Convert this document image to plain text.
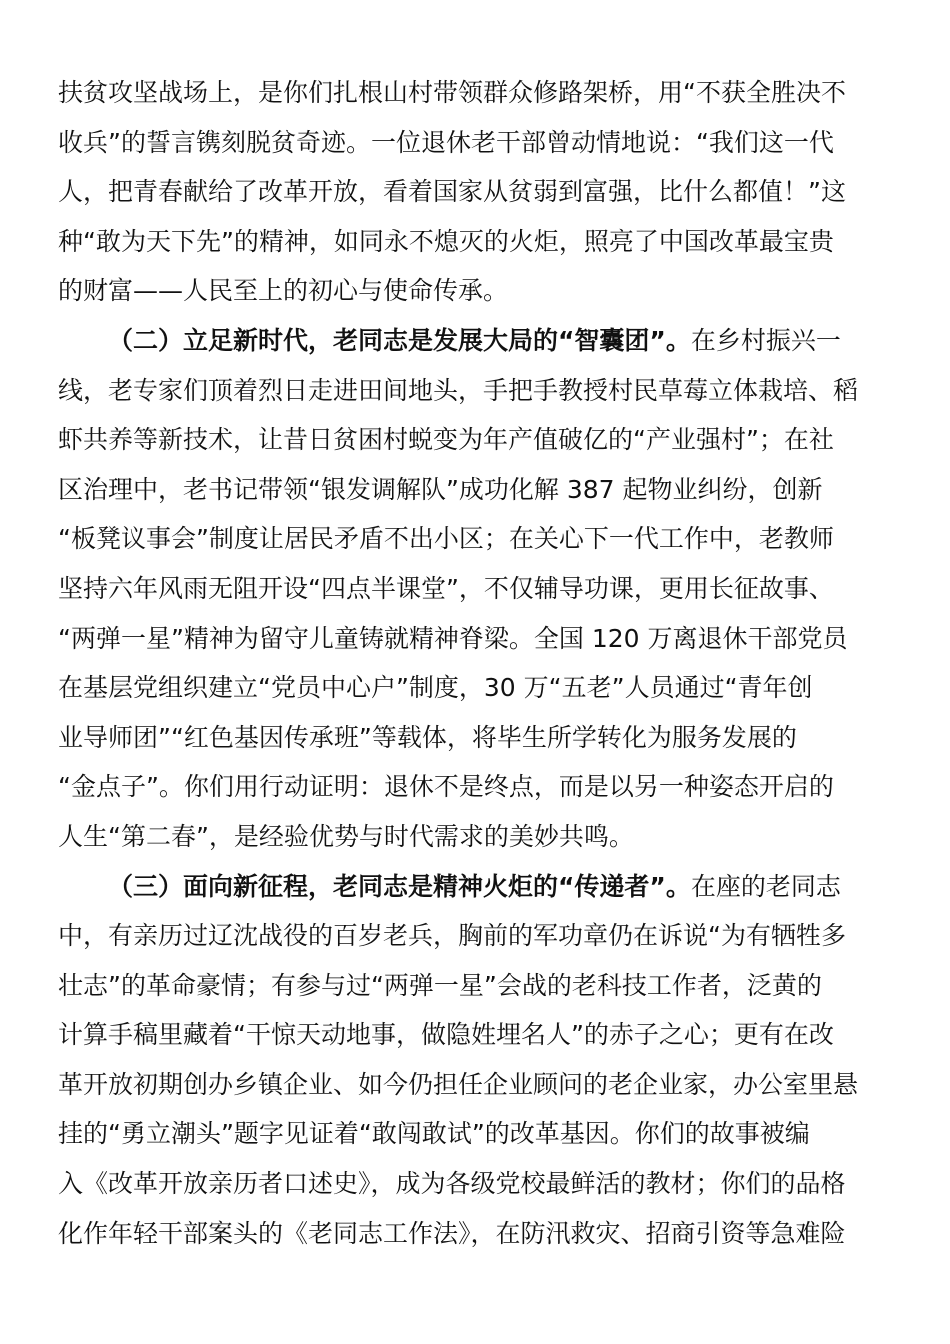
扶贫攻坚战场上，是你们扎根山村带领群众修路架桥，用“不获全胜决不
收兵”的誓言镌刻脱贫奇迹。一位退休老干部曾动情地说：“我们这一代
人，把青春献给了改革开放，看着国家从贫弱到富强，比什么都值！”这
种“敢为天下先”的精神，如同永不熄灭的火炬，照亮了中国改革最宝贵
的财富——人民至上的初心与使命传承。
（二）立足新时代，老同志是发展大局的“智囊团”。在乡村振兴一
线，老专家们顶着烈日走进田间地头，手把手教授村民草莓立体栽培、稻
虾共养等新技术，让昔日贫困村蜕变为年产值破亿的“产业强村”；在社
区治理中，老书记带领“银发调解队”成功化解 387 起物业纠纷，创新
“板凳议事会”制度让居民矛盾不出小区；在关心下一代工作中，老教师
坚持六年风雨无阻开设“四点半课堂”，不仅辅导功课，更用长征故事、
“两弹一星”精神为留守儿童铸就精神脊梁。全国 120 万离退休干部党员
在基层党组织建立“党员中心户”制度，30 万“五老”人员通过“青年创
业导师团”“红色基因传承班”等载体，将毕生所学转化为服务发展的
“金点子”。你们用行动证明：退休不是终点，而是以另一种姿态开启的
人生“第二春”，是经验优势与时代需求的美妙共鸣。
（三）面向新征程，老同志是精神火炬的“传递者”。在座的老同志
中，有亲历过辽沈战役的百岁老兵，胸前的军功章仍在诉说“为有牺牲多
壮志”的革命豪情；有参与过“两弹一星”会战的老科技工作者，泛黄的
计算手稿里藏着“干惊天动地事，做隐姓埋名人”的赤子之心；更有在改
革开放初期创办乡镇企业、如今仍担任企业顾问的老企业家，办公室里悬
挂的“勇立潮头”题字见证着“敢闯敢试”的改革基因。你们的故事被编
入《改革开放亲历者口述史》，成为各级党校最鲜活的教材；你们的品格
化作年轻干部案头的《老同志工作法》，在防汛救灾、招商引资等急难险
